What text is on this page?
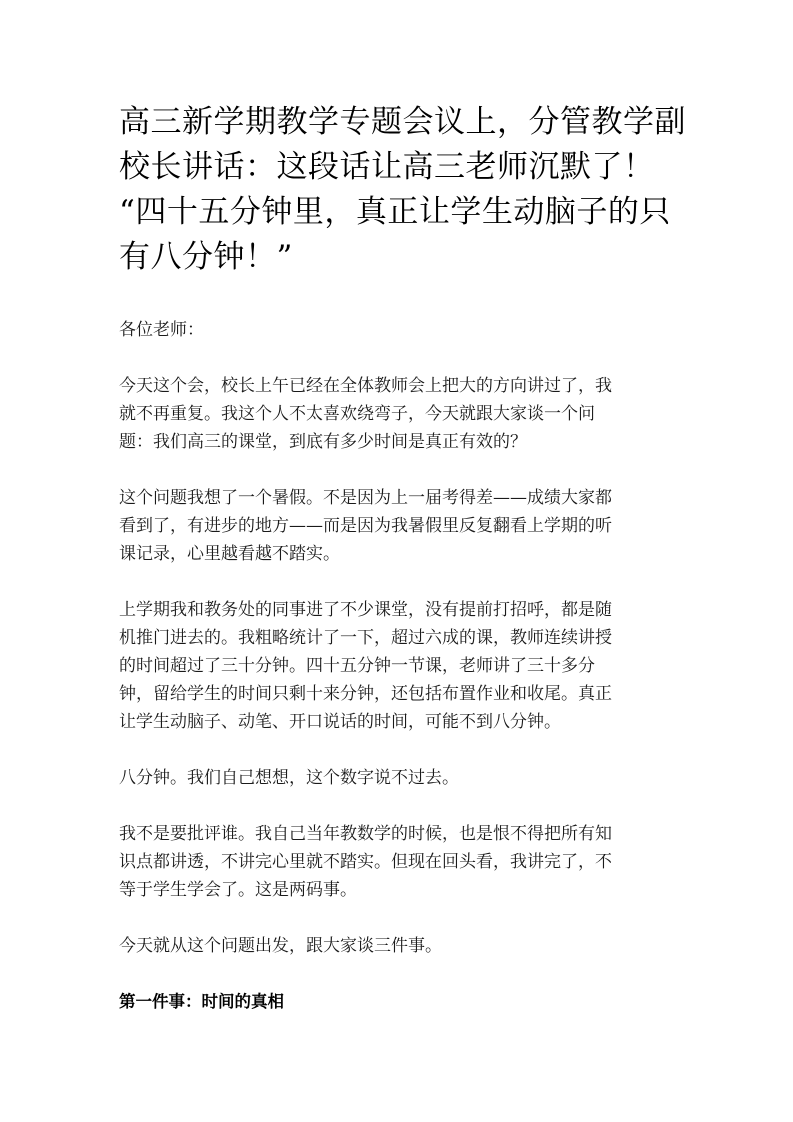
高三新学期教学专题会议上，分管教学副
校长讲话：这段话让高三老师沉默了！
“四十五分钟里，真正让学生动脑子的只
有八分钟！”

各位老师：

今天这个会，校长上午已经在全体教师会上把大的方向讲过了，我
就不再重复。我这个人不太喜欢绕弯子，今天就跟大家谈一个问
题：我们高三的课堂，到底有多少时间是真正有效的？

这个问题我想了一个暑假。不是因为上一届考得差——成绩大家都
看到了，有进步的地方——而是因为我暑假里反复翻看上学期的听
课记录，心里越看越不踏实。

上学期我和教务处的同事进了不少课堂，没有提前打招呼，都是随
机推门进去的。我粗略统计了一下，超过六成的课，教师连续讲授
的时间超过了三十分钟。四十五分钟一节课，老师讲了三十多分
钟，留给学生的时间只剩十来分钟，还包括布置作业和收尾。真正
让学生动脑子、动笔、开口说话的时间，可能不到八分钟。

八分钟。我们自己想想，这个数字说不过去。

我不是要批评谁。我自己当年教数学的时候，也是恨不得把所有知
识点都讲透，不讲完心里就不踏实。但现在回头看，我讲完了，不
等于学生学会了。这是两码事。

今天就从这个问题出发，跟大家谈三件事。

第一件事：时间的真相
